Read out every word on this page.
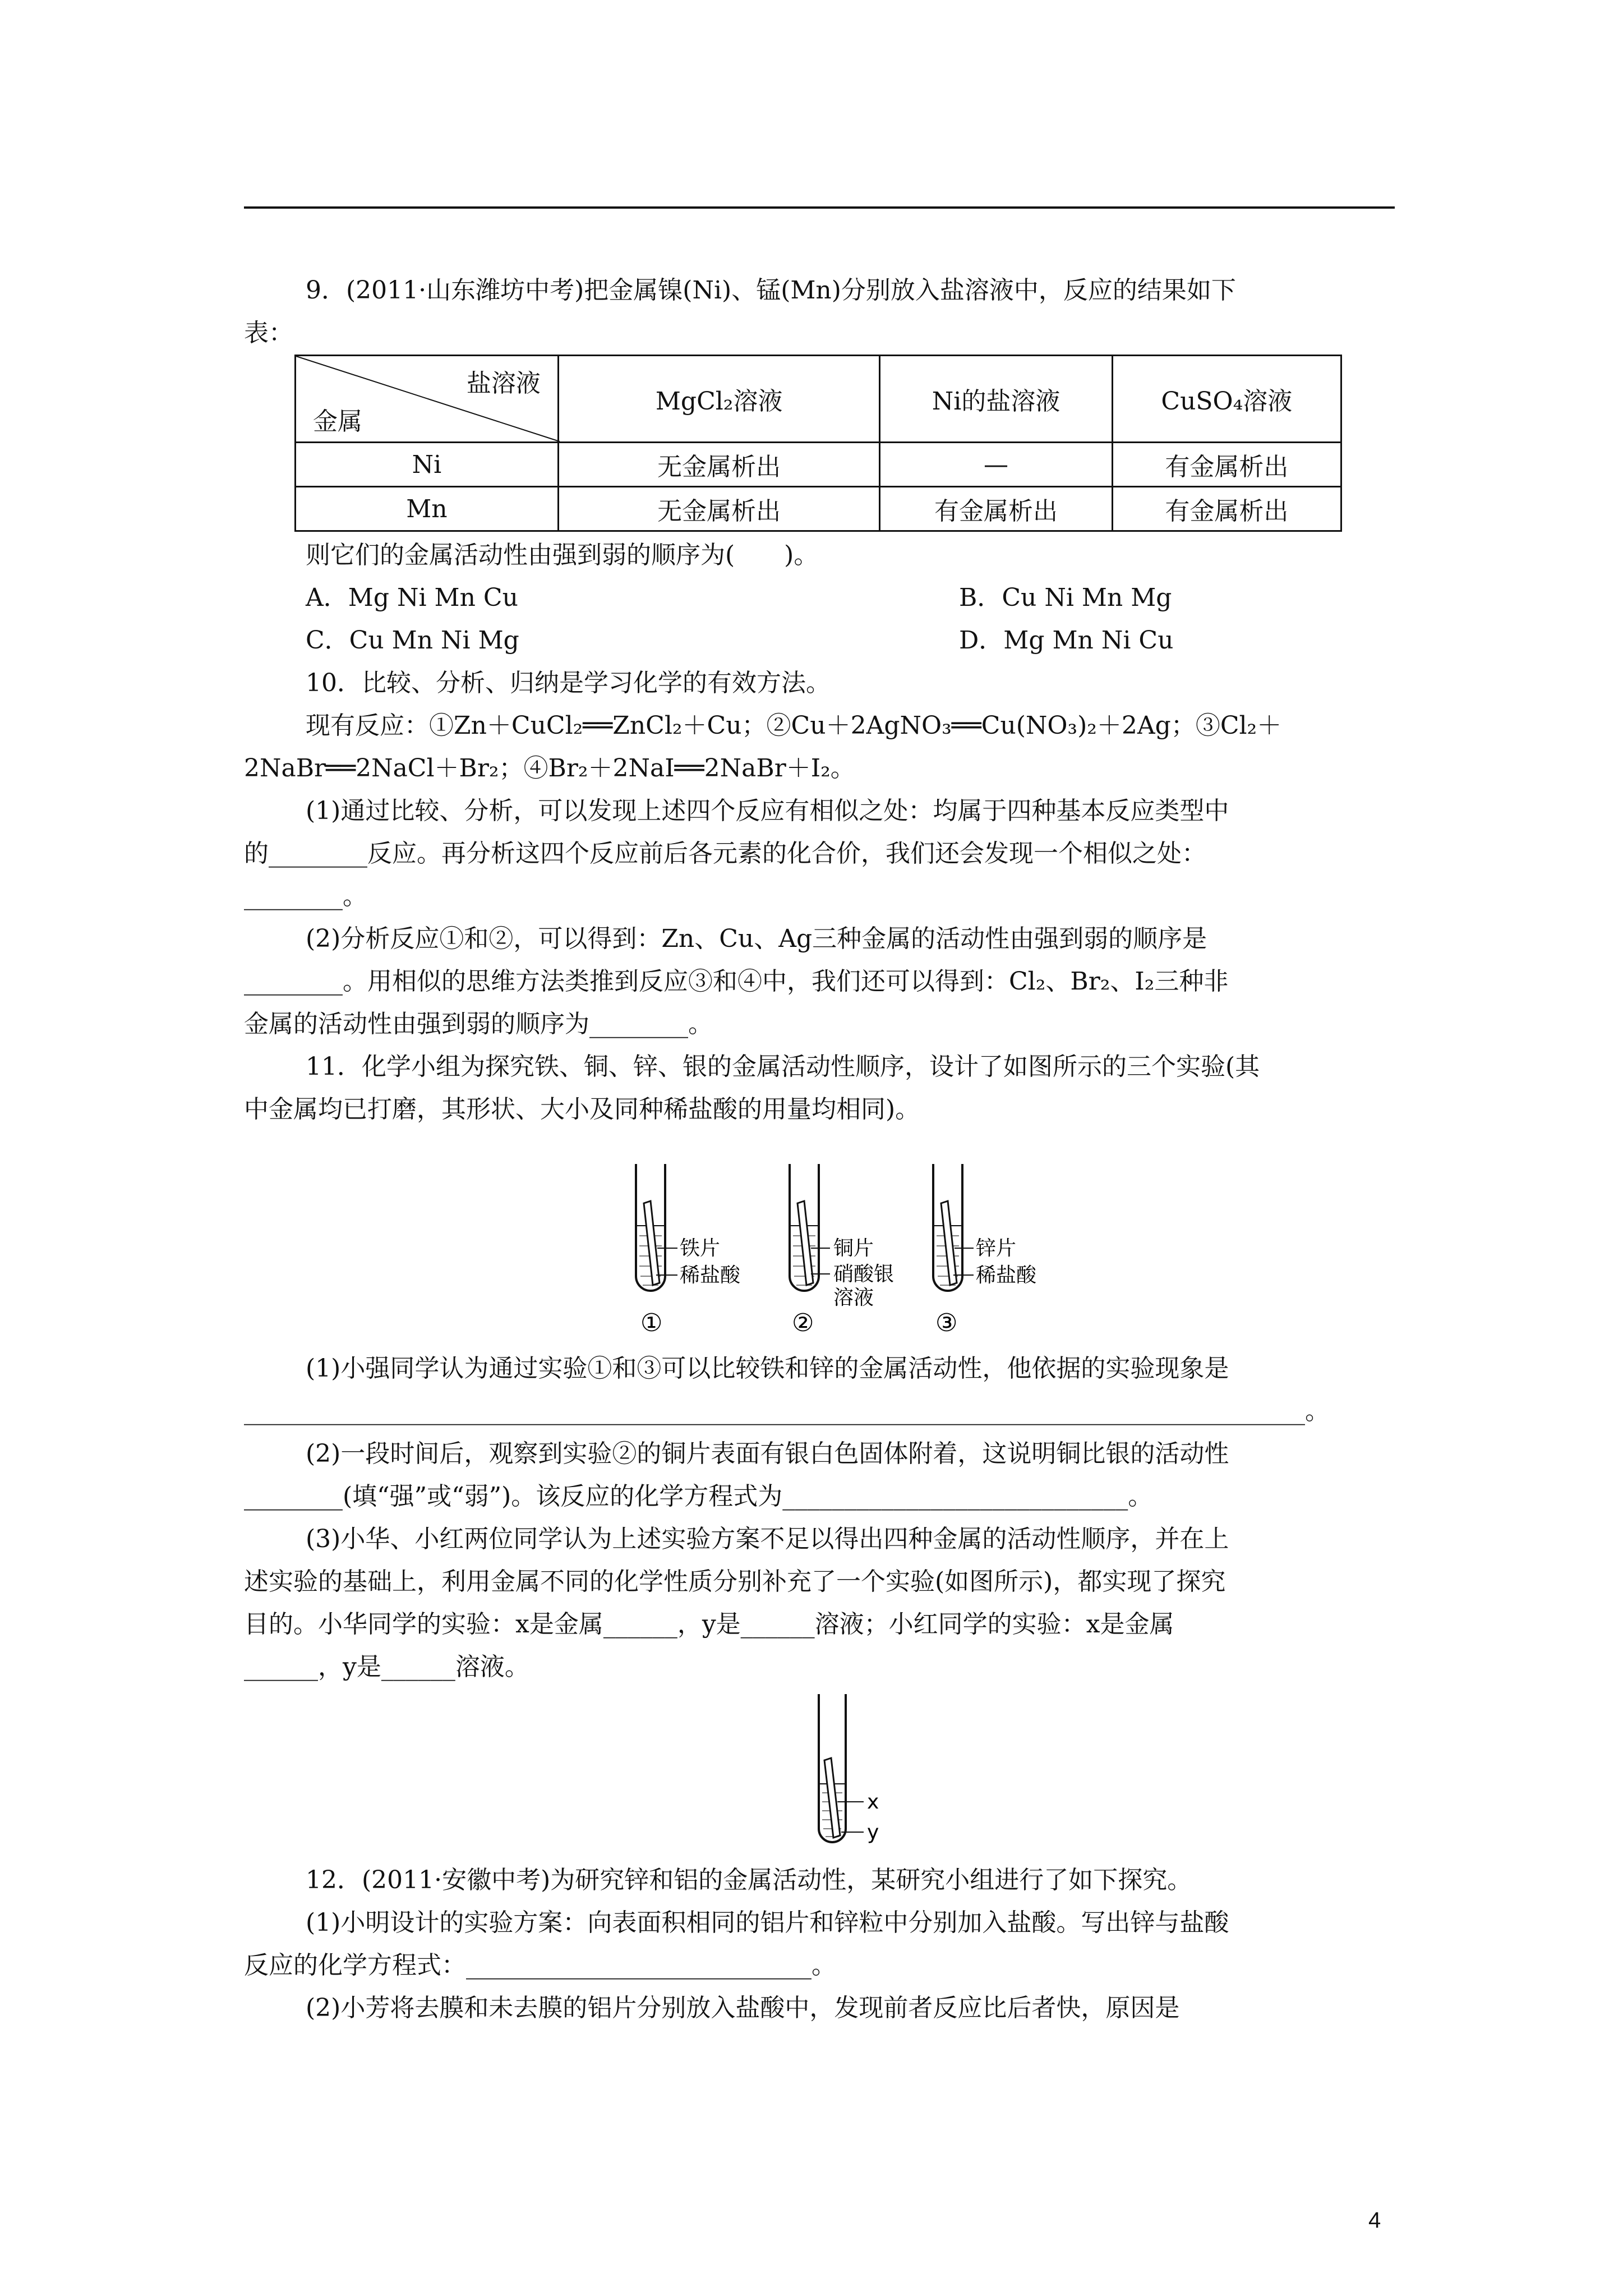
9．(2011·山东潍坊中考)把金属镍(Ni)、锰(Mn)分别放入盐溶液中，反应的结果如下
表：
盐溶液
金属	MgCl₂溶液	Ni的盐溶液	CuSO₄溶液
Ni	无金属析出	—	有金属析出
Mn	无金属析出	有金属析出	有金属析出
则它们的金属活动性由强到弱的顺序为(　　)。
A．Mg Ni Mn Cu	B．Cu Ni Mn Mg
C．Cu Mn Ni Mg	D．Mg Mn Ni Cu
10．比较、分析、归纳是学习化学的有效方法。
现有反应：①Zn＋CuCl₂══ZnCl₂＋Cu；②Cu＋2AgNO₃══Cu(NO₃)₂＋2Ag；③Cl₂＋
2NaBr══2NaCl＋Br₂；④Br₂＋2NaI══2NaBr＋I₂。
(1)通过比较、分析，可以发现上述四个反应有相似之处：均属于四种基本反应类型中
的________反应。再分析这四个反应前后各元素的化合价，我们还会发现一个相似之处：
________。
(2)分析反应①和②，可以得到：Zn、Cu、Ag三种金属的活动性由强到弱的顺序是
________。用相似的思维方法类推到反应③和④中，我们还可以得到：Cl₂、Br₂、I₂三种非
金属的活动性由强到弱的顺序为________。
11．化学小组为探究铁、铜、锌、银的金属活动性顺序，设计了如图所示的三个实验(其
中金属均已打磨，其形状、大小及同种稀盐酸的用量均相同)。
铁片
稀盐酸
①
铜片
硝酸银
溶液
②
锌片
稀盐酸
③
(1)小强同学认为通过实验①和③可以比较铁和锌的金属活动性，他依据的实验现象是
______________________________________________________________________________________。
(2)一段时间后，观察到实验②的铜片表面有银白色固体附着，这说明铜比银的活动性
________(填“强”或“弱”)。该反应的化学方程式为____________________________。
(3)小华、小红两位同学认为上述实验方案不足以得出四种金属的活动性顺序，并在上
述实验的基础上，利用金属不同的化学性质分别补充了一个实验(如图所示)，都实现了探究
目的。小华同学的实验：x是金属______，y是______溶液；小红同学的实验：x是金属
______，y是______溶液。
x
y
12．(2011·安徽中考)为研究锌和铝的金属活动性，某研究小组进行了如下探究。
(1)小明设计的实验方案：向表面积相同的铝片和锌粒中分别加入盐酸。写出锌与盐酸
反应的化学方程式：____________________________。
(2)小芳将去膜和未去膜的铝片分别放入盐酸中，发现前者反应比后者快，原因是
4
